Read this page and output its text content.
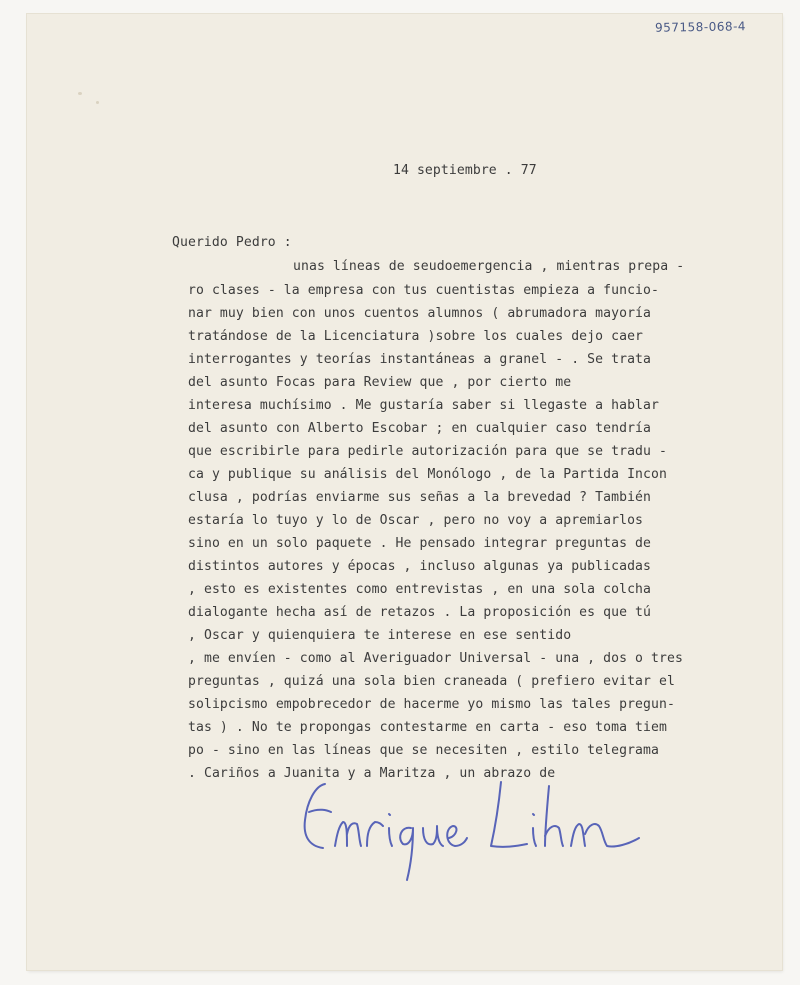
957158-068-4
14 septiembre . 77
Querido Pedro :
unas líneas de seudoemergencia , mientras prepa -
ro clases - la empresa con tus cuentistas empieza a funcio-
nar muy bien con unos cuentos alumnos ( abrumadora mayoría
tratándose de la Licenciatura )sobre los cuales dejo caer
interrogantes y teorías instantáneas a granel - . Se trata
del asunto Focas para Review que , por cierto me
interesa muchísimo . Me gustaría saber si llegaste a hablar
del asunto con Alberto Escobar ; en cualquier caso tendría
que escribirle para pedirle autorización para que se tradu -
ca y publique su análisis del Monólogo , de la Partida Incon
clusa , podrías enviarme sus señas a la brevedad ? También
estaría lo tuyo y lo de Oscar , pero no voy a apremiarlos
sino en un solo paquete . He pensado integrar preguntas de
distintos autores y épocas , incluso algunas ya publicadas
, esto es existentes como entrevistas , en una sola colcha
dialogante hecha así de retazos . La proposición es que tú
, Oscar y quienquiera te interese en ese sentido
, me envíen - como al Averiguador Universal - una , dos o tres
preguntas , quizá una sola bien craneada ( prefiero evitar el
solipcismo empobrecedor de hacerme yo mismo las tales pregun-
tas ) . No te propongas contestarme en carta - eso toma tiem
po - sino en las líneas que se necesiten , estilo telegrama
. Cariños a Juanita y a Maritza , un abrazo de
